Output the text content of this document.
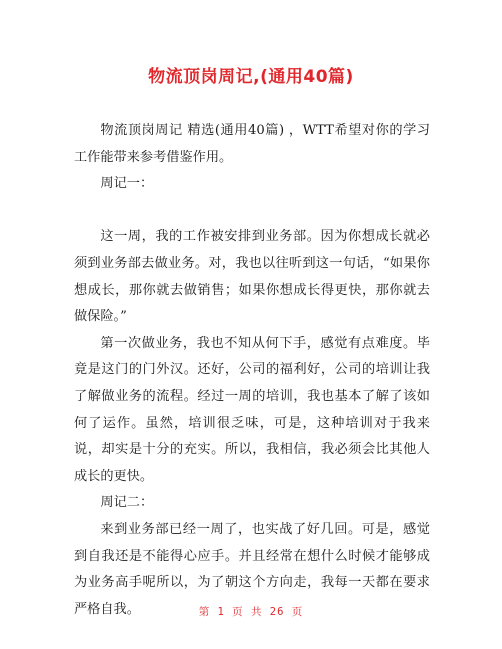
物流顶岗周记,(通用40篇)

物流顶岗周记 精选(通用40篇) ，WTT希望对你的学习工作能带来参考借鉴作用。

周记一：

这一周，我的工作被安排到业务部。因为你想成长就必须到业务部去做业务。对，我也以往听到这一句话，“如果你想成长，那你就去做销售；如果你想成长得更快，那你就去做保险。”

第一次做业务，我也不知从何下手，感觉有点难度。毕竟是这门的门外汉。还好，公司的福利好，公司的培训让我了解做业务的流程。经过一周的培训，我也基本了解了该如何了运作。虽然，培训很乏味，可是，这种培训对于我来说，却实是十分的充实。所以，我相信，我必须会比其他人成长的更快。

周记二：

来到业务部已经一周了，也实战了好几回。可是，感觉到自我还是不能得心应手。并且经常在想什么时候才能够成为业务高手呢所以，为了朝这个方向走，我每一天都在要求严格自我。	第 1 页 共 26 页
